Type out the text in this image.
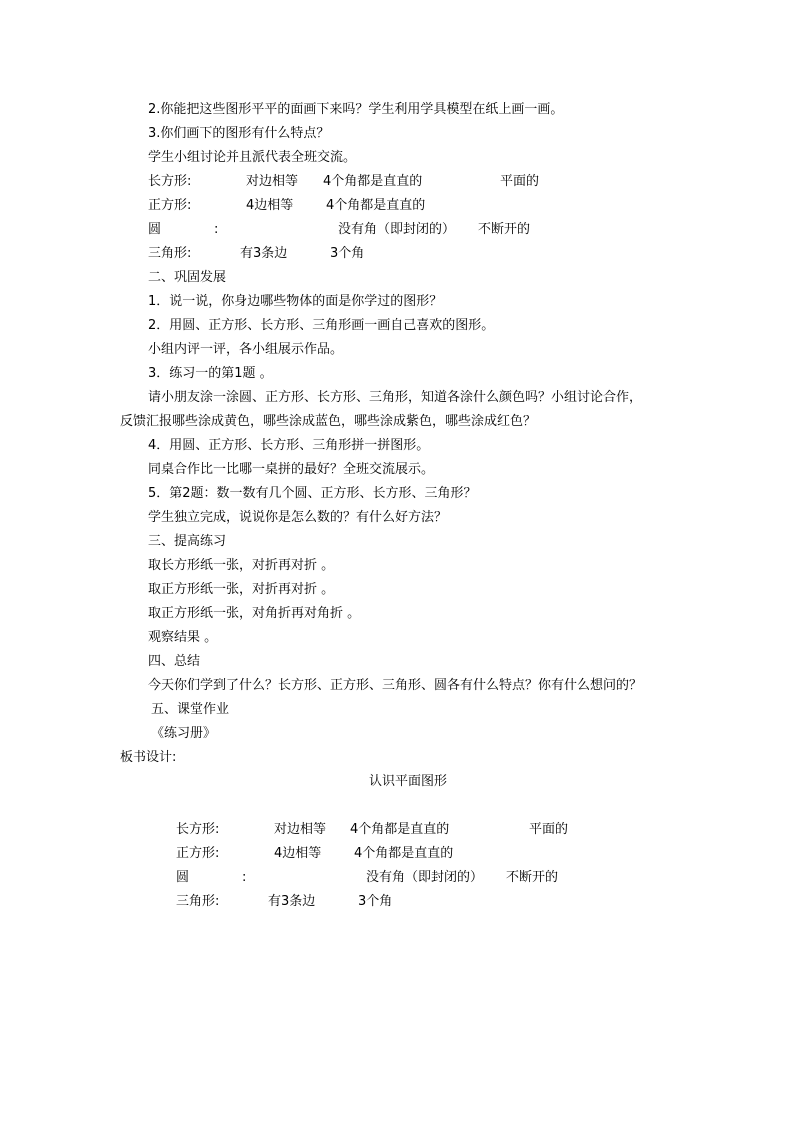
2.你能把这些图形平平的面画下来吗？学生利用学具模型在纸上画一画。
3.你们画下的图形有什么特点？
学生小组讨论并且派代表全班交流。
长方形:	对边相等 4个角都是直直的	平面的
正方形:	4边相等	4个角都是直直的
圆	:	没有角（即封闭的） 不断开的
三角形:	有3条边	3个角
二、巩固发展
1．说一说，你身边哪些物体的面是你学过的图形？
2．用圆、正方形、长方形、三角形画一画自己喜欢的图形。
小组内评一评，各小组展示作品。
3．练习一的第1题 。
请小朋友涂一涂圆、正方形、长方形、三角形，知道各涂什么颜色吗？小组讨论合作，
反馈汇报哪些涂成黄色，哪些涂成蓝色，哪些涂成紫色，哪些涂成红色？
4．用圆、正方形、长方形、三角形拼一拼图形。
同桌合作比一比哪一桌拼的最好？全班交流展示。
5．第2题：数一数有几个圆、正方形、长方形、三角形？
学生独立完成，说说你是怎么数的？有什么好方法？
三、提高练习
取长方形纸一张，对折再对折 。
取正方形纸一张，对折再对折 。
取正方形纸一张，对角折再对角折 。
观察结果 。
四、总结
今天你们学到了什么？长方形、正方形、三角形、圆各有什么特点？你有什么想问的？
五、课堂作业
《练习册》
板书设计:
认识平面图形
长方形:	对边相等 4个角都是直直的	平面的
正方形:	4边相等	4个角都是直直的
圆	:	没有角（即封闭的） 不断开的
三角形:	有3条边	3个角
